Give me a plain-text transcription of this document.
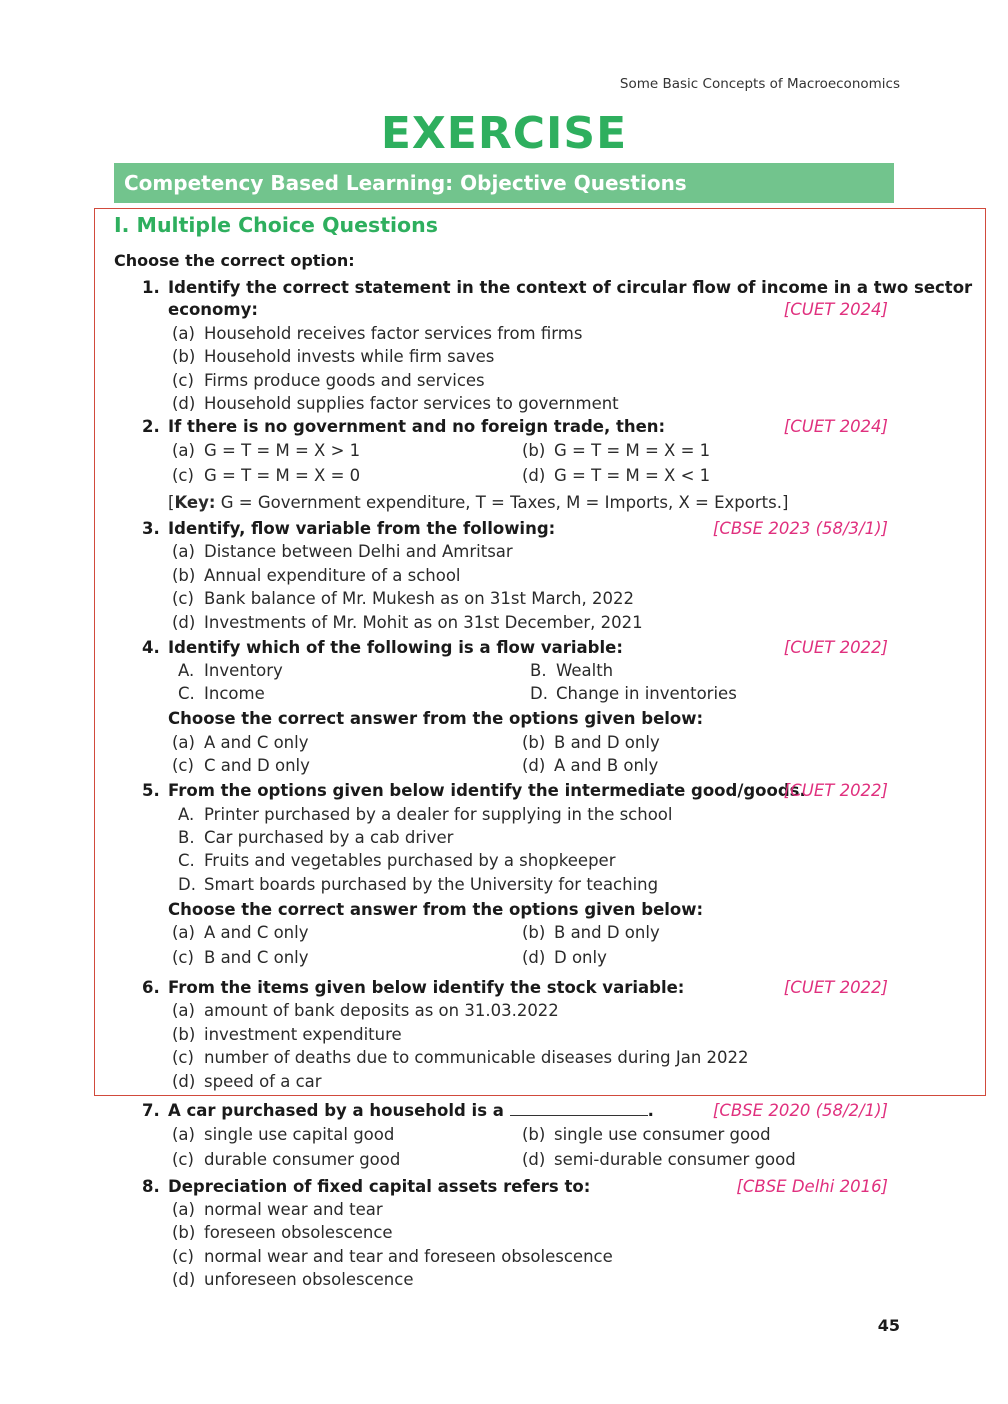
Some Basic Concepts of Macroeconomics
EXERCISE
Competency Based Learning: Objective Questions
I. Multiple Choice Questions
Choose the correct option:
1. Identify the correct statement in the context of circular flow of income in a two sector
economy:	[CUET 2024]
(a) Household receives factor services from firms
(b) Household invests while firm saves
(c) Firms produce goods and services
(d) Household supplies factor services to government
2. If there is no government and no foreign trade, then:	[CUET 2024]
(a) G = T = M = X > 1	(b) G = T = M = X = 1
(c) G = T = M = X = 0	(d) G = T = M = X < 1
[Key: G = Government expenditure, T = Taxes, M = Imports, X = Exports.]
3. Identify, flow variable from the following:	[CBSE 2023 (58/3/1)]
(a) Distance between Delhi and Amritsar
(b) Annual expenditure of a school
(c) Bank balance of Mr. Mukesh as on 31st March, 2022
(d) Investments of Mr. Mohit as on 31st December, 2021
4. Identify which of the following is a flow variable:	[CUET 2022]
A. Inventory	B. Wealth
C. Income	D. Change in inventories
Choose the correct answer from the options given below:
(a) A and C only	(b) B and D only
(c) C and D only	(d) A and B only
5. From the options given below identify the intermediate good/goods.
[CUET 2022]
A. Printer purchased by a dealer for supplying in the school
B. Car purchased by a cab driver
C. Fruits and vegetables purchased by a shopkeeper
D. Smart boards purchased by the University for teaching
Choose the correct answer from the options given below:
(a) A and C only	(b) B and D only
(c) B and C only	(d) D only
6. From the items given below identify the stock variable:	[CUET 2022]
(a) amount of bank deposits as on 31.03.2022
(b) investment expenditure
(c) number of deaths due to communicable diseases during Jan 2022
(d) speed of a car
7. A car purchased by a household is a	.	[CBSE 2020 (58/2/1)]
(a) single use capital good	(b) single use consumer good
(c) durable consumer good	(d) semi-durable consumer good
8. Depreciation of fixed capital assets refers to:	[CBSE Delhi 2016]
(a) normal wear and tear
(b) foreseen obsolescence
(c) normal wear and tear and foreseen obsolescence
(d) unforeseen obsolescence
45
